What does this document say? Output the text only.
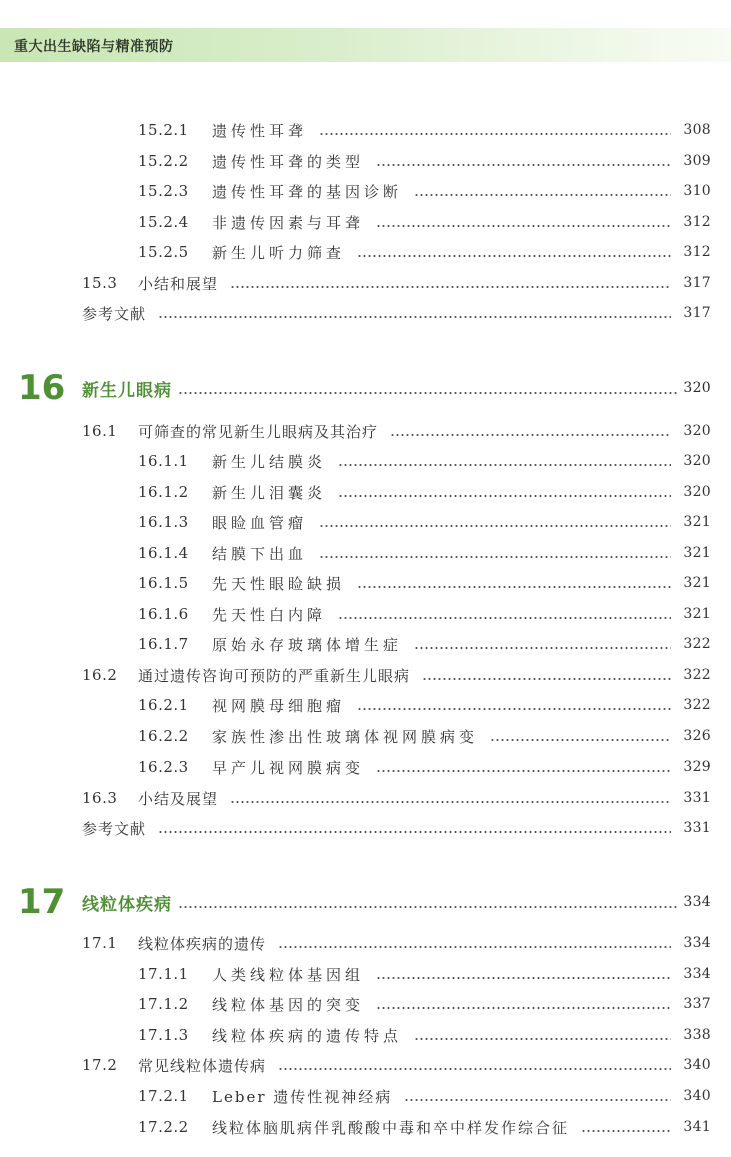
重大出生缺陷与精准预防
15.2.1	遗传性耳聋	308
15.2.2	遗传性耳聋的类型	309
15.2.3	遗传性耳聋的基因诊断	310
15.2.4	非遗传因素与耳聋	312
15.2.5	新生儿听力筛查	312
15.3	小结和展望	317
参考文献	317
16 新生儿眼病	320
16.1	可筛查的常见新生儿眼病及其治疗	320
16.1.1	新生儿结膜炎	320
16.1.2	新生儿泪囊炎	320
16.1.3	眼睑血管瘤	321
16.1.4	结膜下出血	321
16.1.5	先天性眼睑缺损	321
16.1.6	先天性白内障	321
16.1.7	原始永存玻璃体增生症	322
16.2	通过遗传咨询可预防的严重新生儿眼病	322
16.2.1	视网膜母细胞瘤	322
16.2.2	家族性渗出性玻璃体视网膜病变	326
16.2.3	早产儿视网膜病变	329
16.3	小结及展望	331
参考文献	331
17 线粒体疾病	334
17.1	线粒体疾病的遗传	334
17.1.1	人类线粒体基因组	334
17.1.2	线粒体基因的突变	337
17.1.3	线粒体疾病的遗传特点	338
17.2	常见线粒体遗传病	340
17.2.1	Leber 遗传性视神经病	340
17.2.2	线粒体脑肌病伴乳酸酸中毒和卒中样发作综合征	341
